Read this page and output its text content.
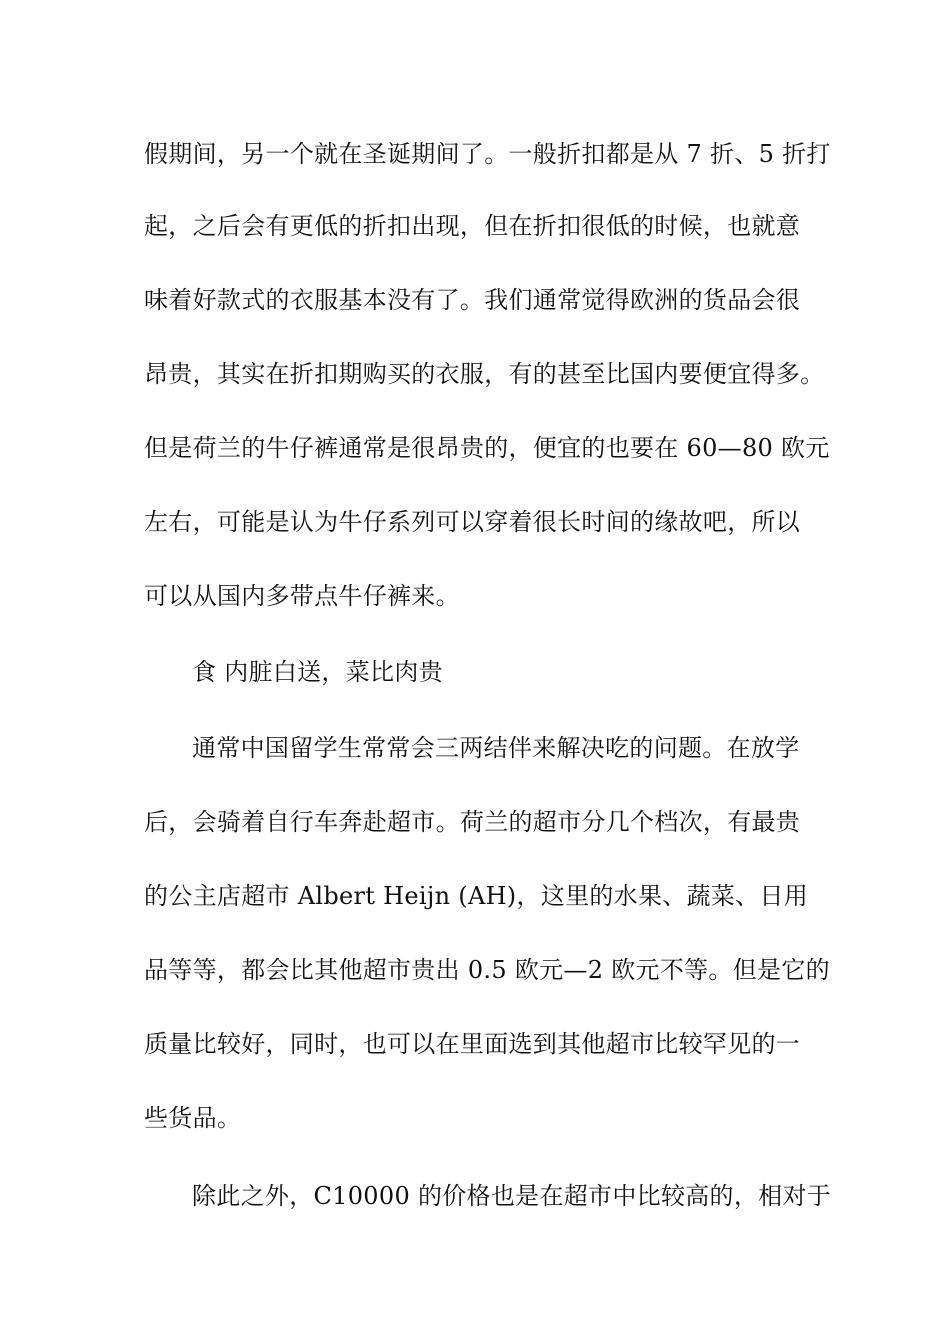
假期间，另一个就在圣诞期间了。一般折扣都是从 7 折、5 折打
起，之后会有更低的折扣出现，但在折扣很低的时候，也就意
味着好款式的衣服基本没有了。我们通常觉得欧洲的货品会很
昂贵，其实在折扣期购买的衣服，有的甚至比国内要便宜得多。
但是荷兰的牛仔裤通常是很昂贵的，便宜的也要在 60—80 欧元
左右，可能是认为牛仔系列可以穿着很长时间的缘故吧，所以
可以从国内多带点牛仔裤来。
食 内脏白送，菜比肉贵
通常中国留学生常常会三两结伴来解决吃的问题。在放学
后，会骑着自行车奔赴超市。荷兰的超市分几个档次，有最贵
的公主店超市 Albert Heijn (AH)，这里的水果、蔬菜、日用
品等等，都会比其他超市贵出 0.5 欧元—2 欧元不等。但是它的
质量比较好，同时，也可以在里面选到其他超市比较罕见的一
些货品。
除此之外，C10000 的价格也是在超市中比较高的，相对于
